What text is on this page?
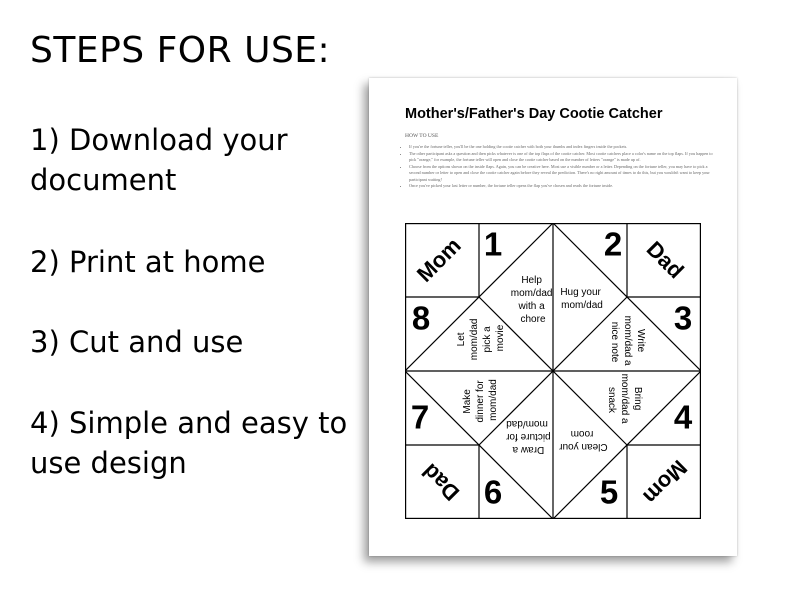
STEPS FOR USE:
1) Download your
document
2) Print at home
3) Cut and use
4) Simple and easy to
use design
Mother's/Father's Day Cootie Catcher
HOW TO USE
• If you're the fortune teller, you'll be the one holding the cootie catcher with both your thumbs and index fingers inside the pockets.
• The other participant asks a question and then picks whatever is one of the top flaps of the cootie catcher. Most cootie catchers place a color's name on the top flaps. If you happen to pick "orange," for example, the fortune teller will open and close the cootie catcher based on the number of letters "orange" is made up of.
• Choose from the options shown on the inside flaps. Again, you can be creative here. Most use a visible number or a letter. Depending on the fortune teller, you may have to pick a second number or letter to open and close the cootie catcher again before they reveal the prediction. There's no right amount of times to do this, but you wouldn't want to keep your participant waiting!
• Once you've picked your last letter or number, the fortune teller opens the flap you've chosen and reads the fortune inside.
Mom	Dad
Mom
Dad
1	2
3
4
5
6
7
8
Help mom/dad with a chore
Hug your mom/dad
Write mom/dad a nice note
Bring mom/dad a snack
Clean your room
Draw a picture for mom/dad
Make dinner for mom/dad
Let mom/dad pick a movie
